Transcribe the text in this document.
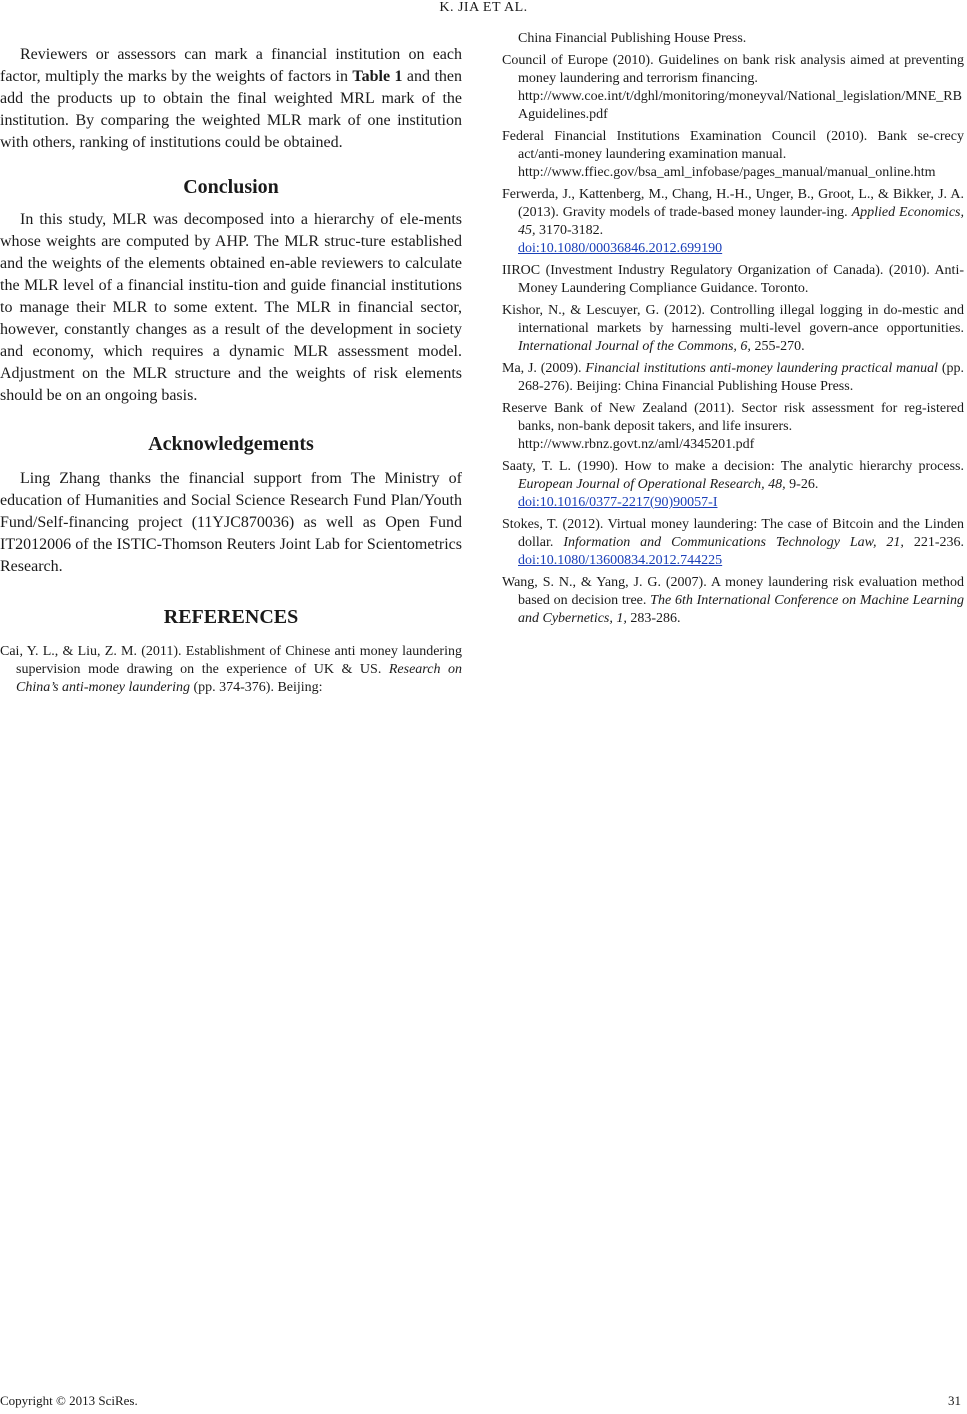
K. JIA ET AL.

Reviewers or assessors can mark a financial institution on each factor, multiply the marks by the weights of factors in Table 1 and then add the products up to obtain the final weighted MRL mark of the institution. By comparing the weighted MLR mark of one institution with others, ranking of institutions could be obtained.

Conclusion

In this study, MLR was decomposed into a hierarchy of ele-ments whose weights are computed by AHP. The MLR struc-ture established and the weights of the elements obtained en-able reviewers to calculate the MLR level of a financial institu-tion and guide financial institutions to manage their MLR to some extent. The MLR in financial sector, however, constantly changes as a result of the development in society and economy, which requires a dynamic MLR assessment model. Adjustment on the MLR structure and the weights of risk elements should be on an ongoing basis.

Acknowledgements

Ling Zhang thanks the financial support from The Ministry of education of Humanities and Social Science Research Fund Plan/Youth Fund/Self-financing project (11YJC870036) as well as Open Fund IT2012006 of the ISTIC-Thomson Reuters Joint Lab for Scientometrics Research.

REFERENCES

Cai, Y. L., & Liu, Z. M. (2011). Establishment of Chinese anti money laundering supervision mode drawing on the experience of UK & US. Research on China’s anti-money laundering (pp. 374-376). Beijing:

China Financial Publishing House Press.

Council of Europe (2010). Guidelines on bank risk analysis aimed at preventing money laundering and terrorism financing.
http://www.coe.int/t/dghl/monitoring/moneyval/National_legislation/MNE_RBAguidelines.pdf

Federal Financial Institutions Examination Council (2010). Bank se-crecy act/anti-money laundering examination manual.
http://www.ffiec.gov/bsa_aml_infobase/pages_manual/manual_online.htm

Ferwerda, J., Kattenberg, M., Chang, H.-H., Unger, B., Groot, L., & Bikker, J. A. (2013). Gravity models of trade-based money launder-ing. Applied Economics, 45, 3170-3182.
doi:10.1080/00036846.2012.699190

IIROC (Investment Industry Regulatory Organization of Canada). (2010). Anti-Money Laundering Compliance Guidance. Toronto.

Kishor, N., & Lescuyer, G. (2012). Controlling illegal logging in do-mestic and international markets by harnessing multi-level govern-ance opportunities. International Journal of the Commons, 6, 255-270.

Ma, J. (2009). Financial institutions anti-money laundering practical manual (pp. 268-276). Beijing: China Financial Publishing House Press.

Reserve Bank of New Zealand (2011). Sector risk assessment for reg-istered banks, non-bank deposit takers, and life insurers.
http://www.rbnz.govt.nz/aml/4345201.pdf

Saaty, T. L. (1990). How to make a decision: The analytic hierarchy process. European Journal of Operational Research, 48, 9-26.
doi:10.1016/0377-2217(90)90057-I

Stokes, T. (2012). Virtual money laundering: The case of Bitcoin and the Linden dollar. Information and Communications Technology Law, 21, 221-236. doi:10.1080/13600834.2012.744225

Wang, S. N., & Yang, J. G. (2007). A money laundering risk evaluation method based on decision tree. The 6th International Conference on Machine Learning and Cybernetics, 1, 283-286.

Copyright © 2013 SciRes.	31
